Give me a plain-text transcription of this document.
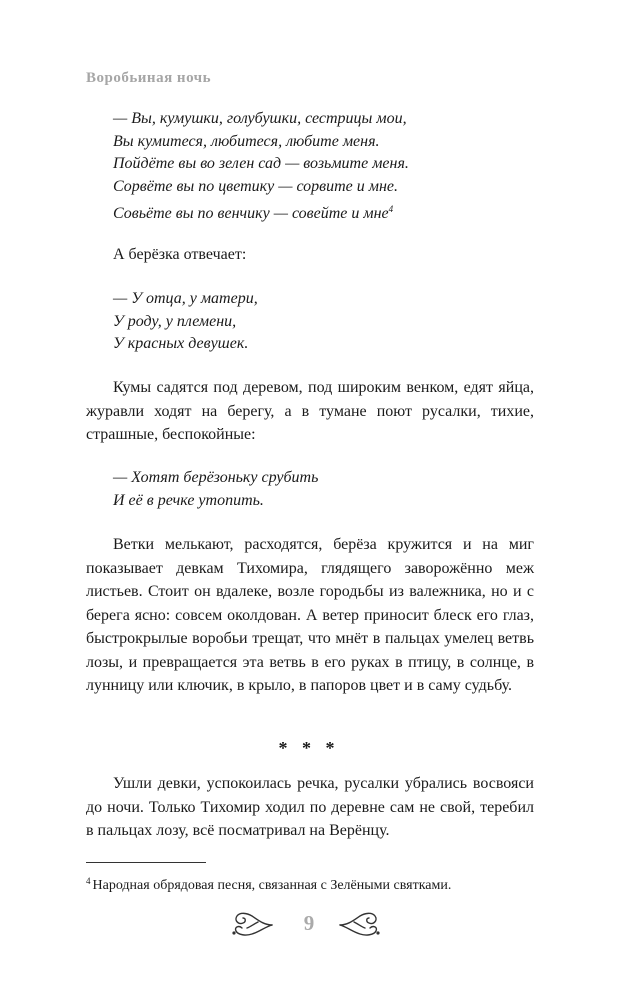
Воробьиная ночь
— Вы, кумушки, голубушки, сестрицы мои,
Вы кумитеся, любитеся, любите меня.
Пойдёте вы во зелен сад — возьмите меня.
Сорвёте вы по цветику — сорвите и мне.
Совьёте вы по венчику — совейте и мне$^4$

А берёзка отвечает:

— У отца, у матери,
У роду, у племени,
У красных девушек.

Кумы садятся под деревом, под широким венком, едят яйца, журавли ходят на берегу, а в тумане поют русалки, тихие, страшные, беспокойные:

— Хотят берёзоньку срубить
И её в речке утопить.

Ветки мелькают, расходятся, берёза кружится и на миг показывает девкам Тихомира, глядящего заворожённо меж листьев. Стоит он вдалеке, возле городьбы из валежника, но и с берега ясно: совсем околдован. А ветер приносит блеск его глаз, быстрокрылые воробьи трещат, что мнёт в пальцах умелец ветвь лозы, и превращается эта ветвь в его руках в птицу, в солнце, в лунницу или ключик, в крыло, в папоров цвет и в саму судьбу.

* * *

Ушли девки, успокоилась речка, русалки убрались восвояси до ночи. Только Тихомир ходил по деревне сам не свой, теребил в пальцах лозу, всё посматривал на Верёнцу.

$^4$ Народная обрядовая песня, связанная с Зелёными святками.
9
